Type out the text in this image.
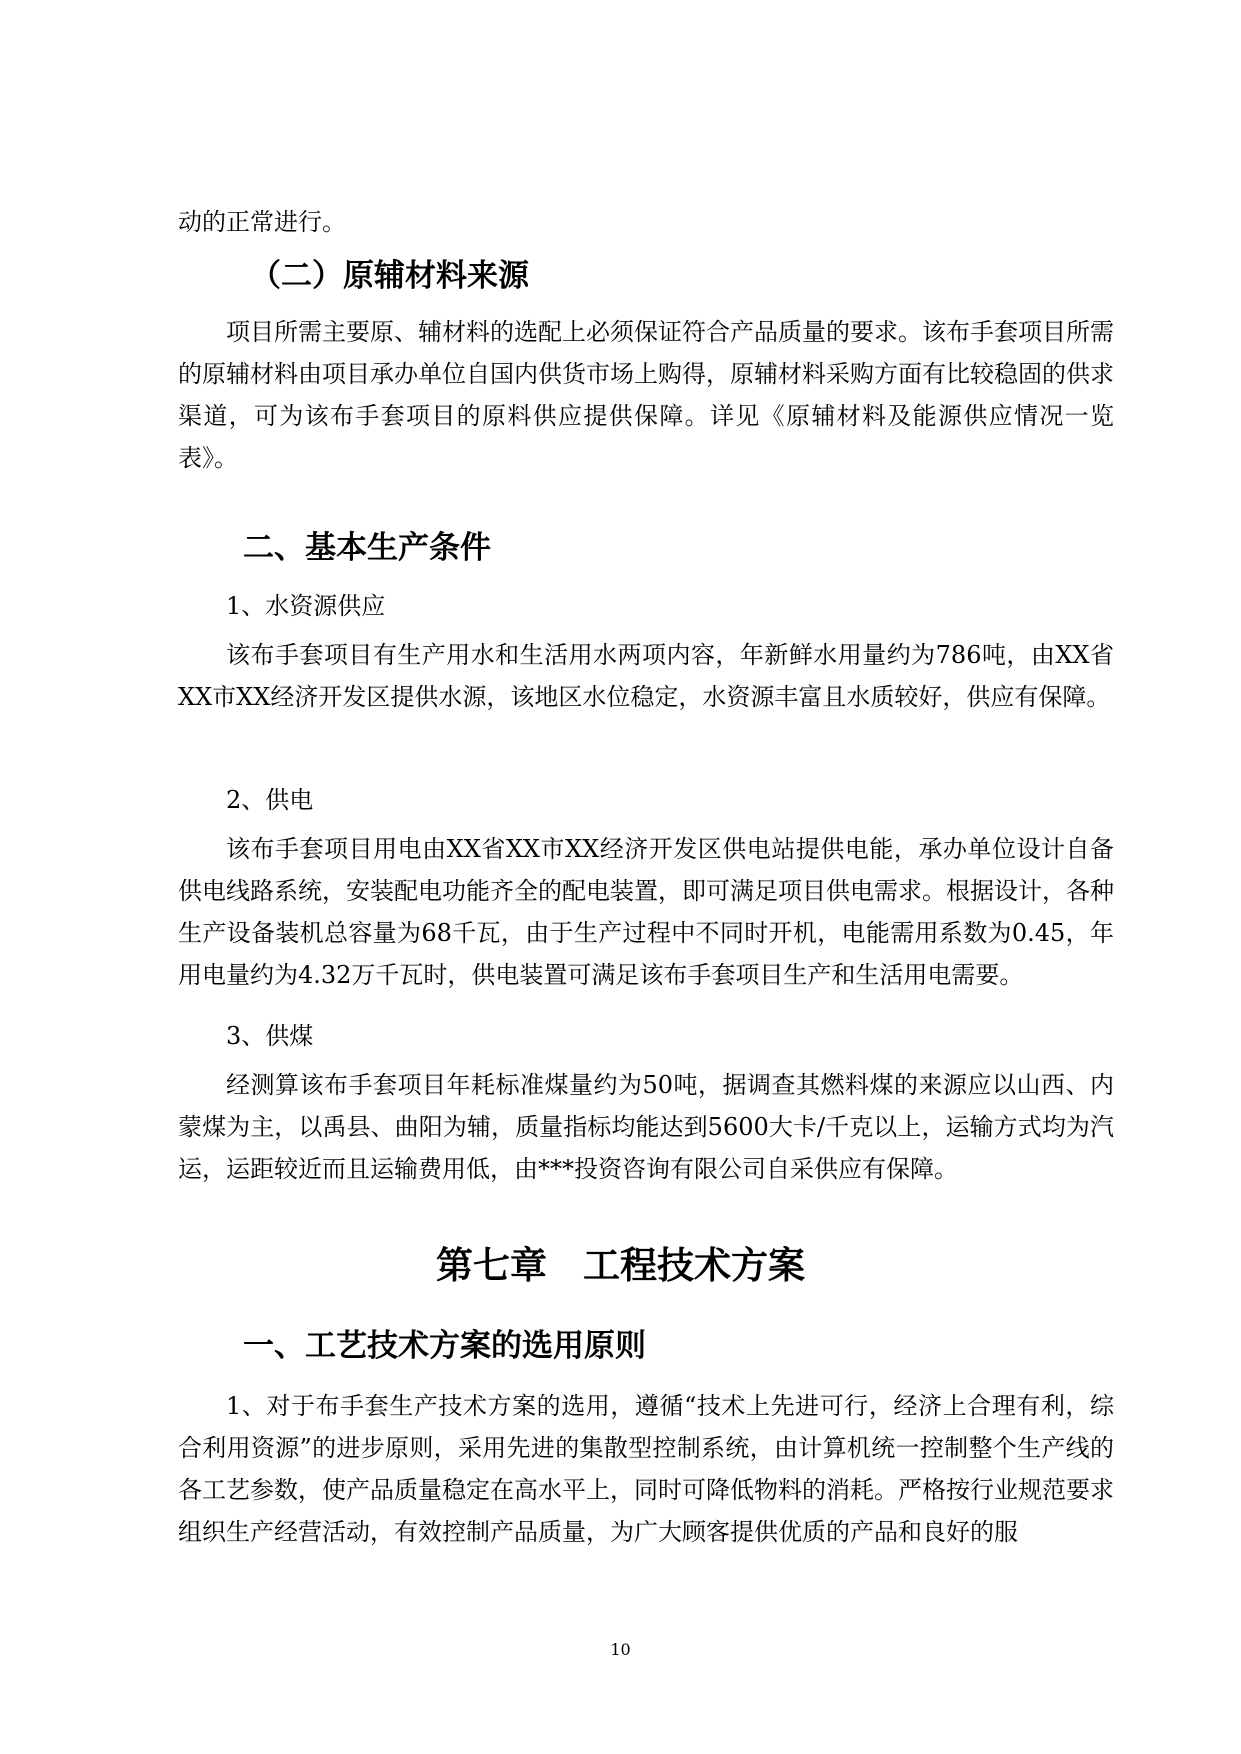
动的正常进行。

（二）原辅材料来源

项目所需主要原、辅材料的选配上必须保证符合产品质量的要求。该布手套项目所需的原辅材料由项目承办单位自国内供货市场上购得，原辅材料采购方面有比较稳固的供求渠道，可为该布手套项目的原料供应提供保障。详见《原辅材料及能源供应情况一览表》。

二、基本生产条件

1、水资源供应

该布手套项目有生产用水和生活用水两项内容，年新鲜水用量约为786吨，由XX省XX市XX经济开发区提供水源，该地区水位稳定，水资源丰富且水质较好，供应有保障。

2、供电

该布手套项目用电由XX省XX市XX经济开发区供电站提供电能，承办单位设计自备供电线路系统，安装配电功能齐全的配电装置，即可满足项目供电需求。根据设计，各种生产设备装机总容量为68千瓦，由于生产过程中不同时开机，电能需用系数为0.45，年用电量约为4.32万千瓦时，供电装置可满足该布手套项目生产和生活用电需要。

3、供煤

经测算该布手套项目年耗标准煤量约为50吨，据调查其燃料煤的来源应以山西、内蒙煤为主，以禹县、曲阳为辅，质量指标均能达到5600大卡/千克以上，运输方式均为汽运，运距较近而且运输费用低，由***投资咨询有限公司自采供应有保障。

第七章 工程技术方案
一、工艺技术方案的选用原则

1、对于布手套生产技术方案的选用，遵循“技术上先进可行，经济上合理有利，综合利用资源”的进步原则，采用先进的集散型控制系统，由计算机统一控制整个生产线的各工艺参数，使产品质量稳定在高水平上，同时可降低物料的消耗。严格按行业规范要求组织生产经营活动，有效控制产品质量，为广大顾客提供优质的产品和良好的服

10
